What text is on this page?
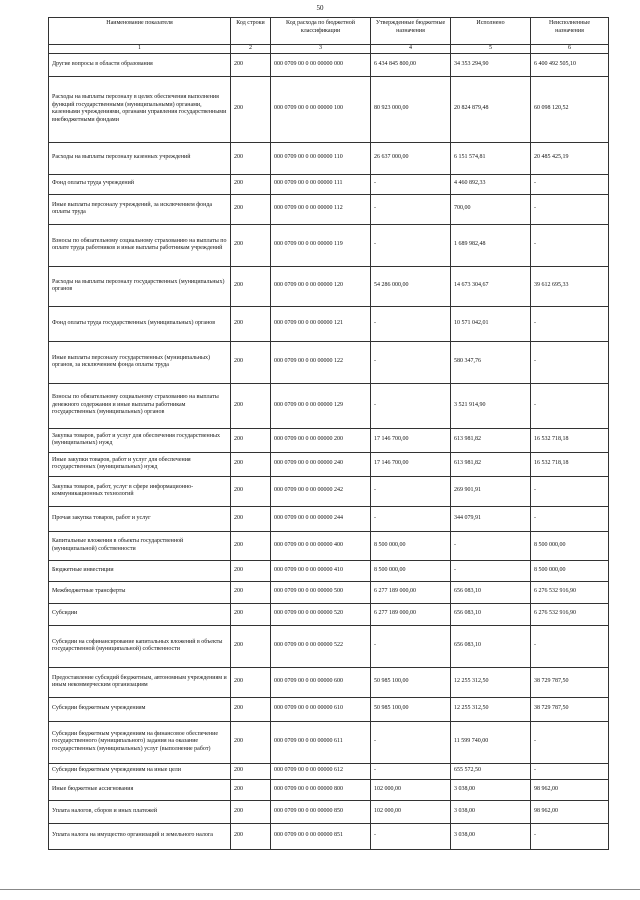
50
Наименование показателя	Код строки	Код расхода по бюджетной классификации	Утвержденные бюджетные назначения	Исполнено	Неисполненные назначения
1	2	3	4	5	6
Другие вопросы в области образования	200	000 0709 00 0 00 00000 000	6 434 845 800,00	34 353 294,90	6 400 492 505,10
Расходы на выплаты персоналу в целях обеспечения выполнения функций государственными (муниципальными) органами, казенными учреждениями, органами управления государственными внебюджетными фондами	200	000 0709 00 0 00 00000 100	80 923 000,00	20 824 879,48	60 098 120,52
Расходы на выплаты персоналу казенных учреждений	200	000 0709 00 0 00 00000 110	26 637 000,00	6 151 574,81	20 485 425,19
Фонд оплаты труда учреждений	200	000 0709 00 0 00 00000 111	-	4 460 892,33	-
Иные выплаты персоналу учреждений, за исключением фонда оплаты труда	200	000 0709 00 0 00 00000 112	-	700,00	-
Взносы по обязательному социальному страхованию на выплаты по оплате труда работников и иные выплаты работникам учреждений	200	000 0709 00 0 00 00000 119	-	1 689 982,48	-
Расходы на выплаты персоналу государственных (муниципальных) органов	200	000 0709 00 0 00 00000 120	54 286 000,00	14 673 304,67	39 612 695,33
Фонд оплаты труда государственных (муниципальных) органов	200	000 0709 00 0 00 00000 121	-	10 571 042,01	-
Иные выплаты персоналу государственных (муниципальных) органов, за исключением фонда оплаты труда	200	000 0709 00 0 00 00000 122	-	580 347,76	-
Взносы по обязательному социальному страхованию на выплаты денежного содержания и иные выплаты работникам государственных (муниципальных) органов	200	000 0709 00 0 00 00000 129	-	3 521 914,90	-
Закупка товаров, работ и услуг для обеспечения государственных (муниципальных) нужд	200	000 0709 00 0 00 00000 200	17 146 700,00	613 981,82	16 532 718,18
Иные закупки товаров, работ и услуг для обеспечения государственных (муниципальных) нужд	200	000 0709 00 0 00 00000 240	17 146 700,00	613 981,82	16 532 718,18
Закупка товаров, работ, услуг в сфере информационно-коммуникационных технологий	200	000 0709 00 0 00 00000 242	-	269 901,91	-
Прочая закупка товаров, работ и услуг	200	000 0709 00 0 00 00000 244	-	344 079,91	-
Капитальные вложения в объекты государственной (муниципальной) собственности	200	000 0709 00 0 00 00000 400	8 500 000,00	-	8 500 000,00
Бюджетные инвестиции	200	000 0709 00 0 00 00000 410	8 500 000,00	-	8 500 000,00
Межбюджетные трансферты	200	000 0709 00 0 00 00000 500	6 277 189 000,00	656 083,10	6 276 532 916,90
Субсидии	200	000 0709 00 0 00 00000 520	6 277 189 000,00	656 083,10	6 276 532 916,90
Субсидии на софинансирование капитальных вложений в объекты государственной (муниципальной) собственности	200	000 0709 00 0 00 00000 522	-	656 083,10	-
Предоставление субсидий бюджетным, автономным учреждениям и иным некоммерческим организациям	200	000 0709 00 0 00 00000 600	50 985 100,00	12 255 312,50	38 729 787,50
Субсидии бюджетным учреждениям	200	000 0709 00 0 00 00000 610	50 985 100,00	12 255 312,50	38 729 787,50
Субсидии бюджетным учреждениям на финансовое обеспечение государственного (муниципального) задания на оказание государственных (муниципальных) услуг (выполнение работ)	200	000 0709 00 0 00 00000 611	-	11 599 740,00	-
Субсидии бюджетным учреждениям на иные цели	200	000 0709 00 0 00 00000 612	-	655 572,50	-
Иные бюджетные ассигнования	200	000 0709 00 0 00 00000 800	102 000,00	3 038,00	98 962,00
Уплата налогов, сборов и иных платежей	200	000 0709 00 0 00 00000 850	102 000,00	3 038,00	98 962,00
Уплата налога на имущество организаций и земельного налога	200	000 0709 00 0 00 00000 851	-	3 038,00	-
